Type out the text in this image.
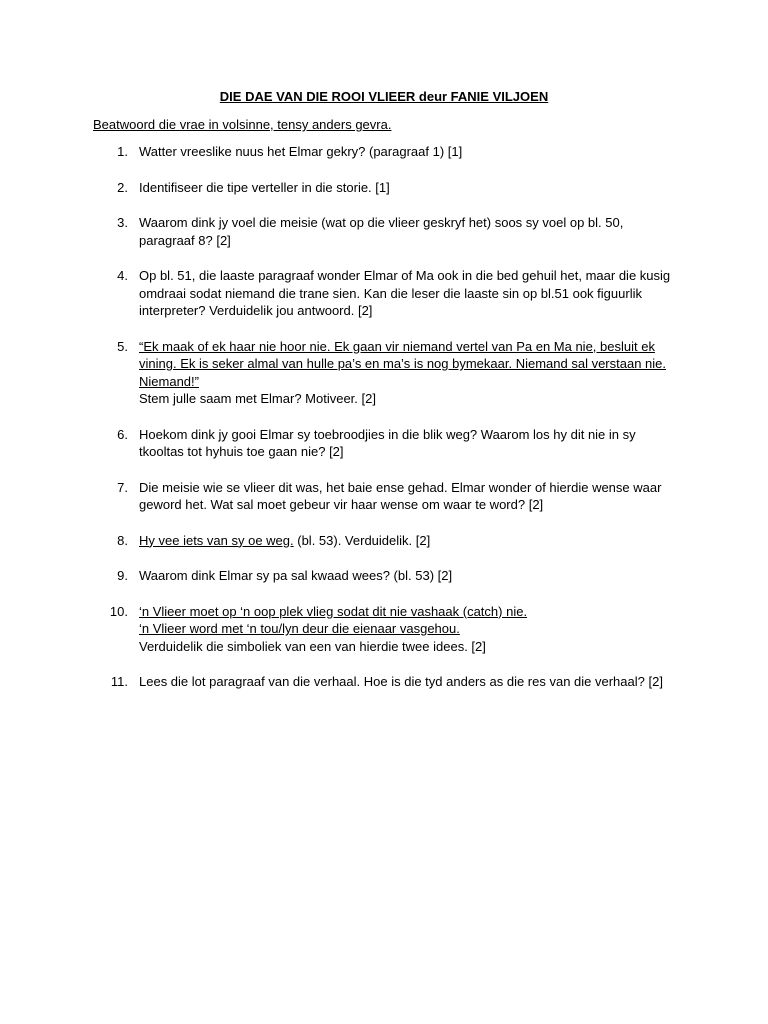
DIE DAE VAN DIE ROOI VLIEER deur FANIE VILJOEN
Beatwoord die vrae in volsinne, tensy anders gevra.
1. Watter vreeslike nuus het Elmar gekry? (paragraaf 1) [1]
2. Identifiseer die tipe verteller in die storie. [1]
3. Waarom dink jy voel die meisie (wat op die vlieer geskryf het) soos sy voel op bl. 50,
paragraaf 8? [2]
4. Op bl. 51, die laaste paragraaf wonder Elmar of Ma ook in die bed gehuil het, maar die kusig
omdraai sodat niemand die trane sien. Kan die leser die laaste sin op bl.51 ook figuurlik
interpreter? Verduidelik jou antwoord. [2]
5. “Ek maak of ek haar nie hoor nie. Ek gaan vir niemand vertel van Pa en Ma nie, besluit ek
vining. Ek is seker almal van hulle pa’s en ma’s is nog bymekaar. Niemand sal verstaan nie.
Niemand!”
Stem julle saam met Elmar? Motiveer. [2]
6. Hoekom dink jy gooi Elmar sy toebroodjies in die blik weg? Waarom los hy dit nie in sy
tkooltas tot hyhuis toe gaan nie? [2]
7. Die meisie wie se vlieer dit was, het baie ense gehad. Elmar wonder of hierdie wense waar
geword het. Wat sal moet gebeur vir haar wense om waar te word? [2]
8. Hy vee iets van sy oe weg. (bl. 53). Verduidelik. [2]
9. Waarom dink Elmar sy pa sal kwaad wees? (bl. 53) [2]
10. ‘n Vlieer moet op ‘n oop plek vlieg sodat dit nie vashaak (catch) nie.
‘n Vlieer word met ‘n tou/lyn deur die eienaar vasgehou.
Verduidelik die simboliek van een van hierdie twee idees. [2]
11. Lees die lot paragraaf van die verhaal. Hoe is die tyd anders as die res van die verhaal? [2]
